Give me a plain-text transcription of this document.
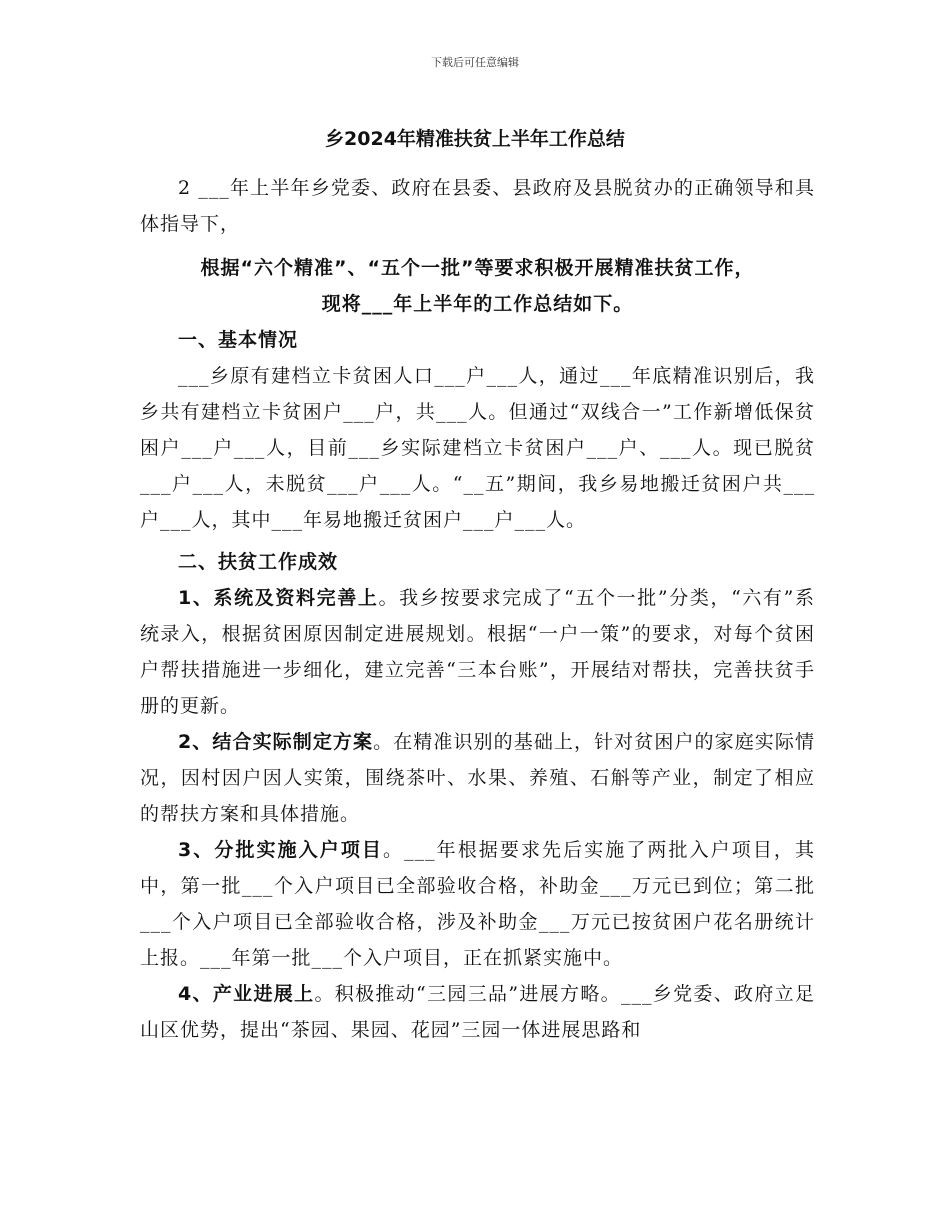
下载后可任意编辑
乡2024年精准扶贫上半年工作总结

2 ___年上半年乡党委、政府在县委、县政府及县脱贫办的正确领导和具体指导下，

根据“六个精准”、“五个一批”等要求积极开展精准扶贫工作，

现将___年上半年的工作总结如下。

一、基本情况

___乡原有建档立卡贫困人口___户___人，通过___年底精准识别后，我乡共有建档立卡贫困户___户，共___人。但通过“双线合一”工作新增低保贫困户___户___人，目前___乡实际建档立卡贫困户___户、___人。现已脱贫___户___人，未脱贫___户___人。“__五”期间，我乡易地搬迁贫困户共___户___人，其中___年易地搬迁贫困户___户___人。

二、扶贫工作成效

1、系统及资料完善上。我乡按要求完成了“五个一批”分类，“六有”系统录入，根据贫困原因制定进展规划。根据“一户一策”的要求，对每个贫困户帮扶措施进一步细化，建立完善“三本台账”，开展结对帮扶，完善扶贫手册的更新。

2、结合实际制定方案。在精准识别的基础上，针对贫困户的家庭实际情况，因村因户因人实策，围绕茶叶、水果、养殖、石斛等产业，制定了相应的帮扶方案和具体措施。

3、分批实施入户项目。___年根据要求先后实施了两批入户项目，其中，第一批___个入户项目已全部验收合格，补助金___万元已到位；第二批___个入户项目已全部验收合格，涉及补助金___万元已按贫困户花名册统计上报。___年第一批___个入户项目，正在抓紧实施中。

4、产业进展上。积极推动“三园三品”进展方略。___乡党委、政府立足山区优势，提出“茶园、果园、花园”三园一体进展思路和
